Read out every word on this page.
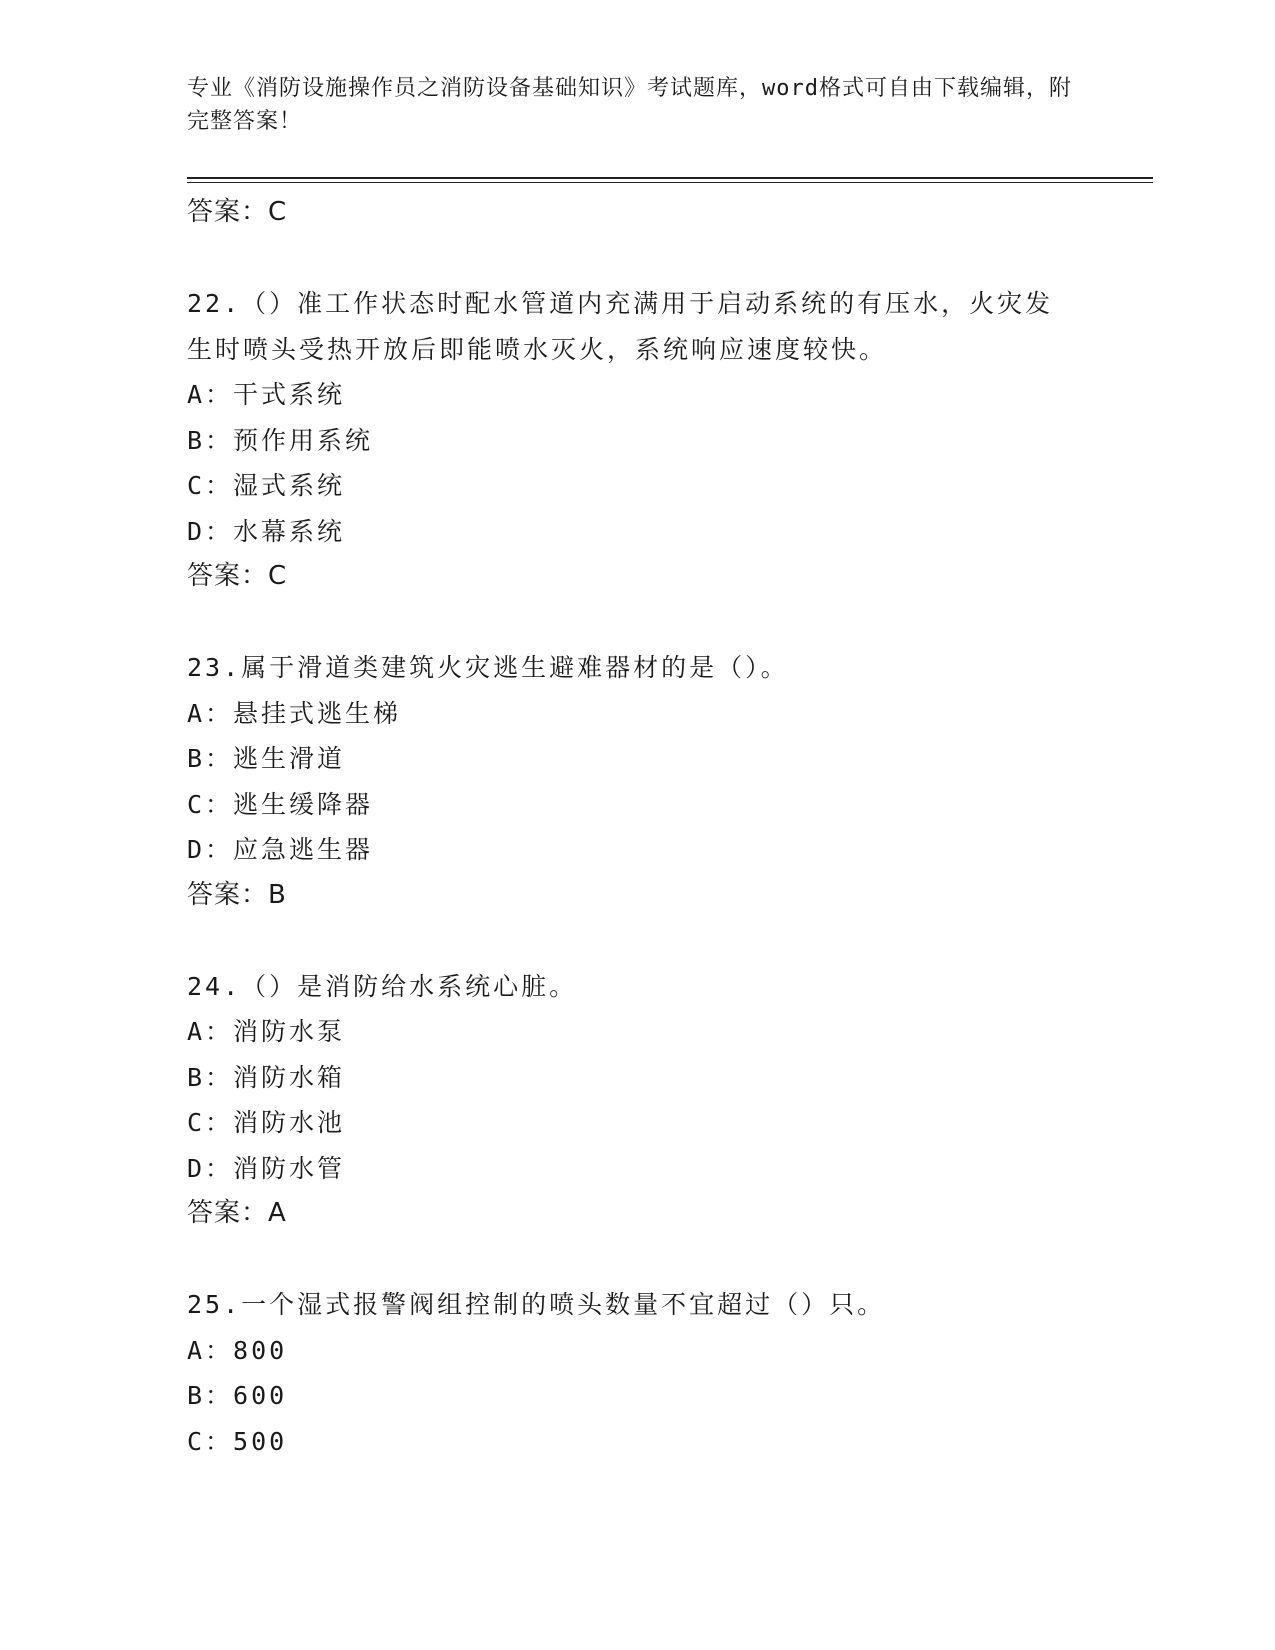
专业《消防设施操作员之消防设备基础知识》考试题库，word格式可自由下载编辑，附完整答案！
答案：C
22.（）准工作状态时配水管道内充满用于启动系统的有压水，火灾发
生时喷头受热开放后即能喷水灭火，系统响应速度较快。
A：干式系统
B：预作用系统
C：湿式系统
D：水幕系统
答案：C
23.属于滑道类建筑火灾逃生避难器材的是（）。
A：悬挂式逃生梯
B：逃生滑道
C：逃生缓降器
D：应急逃生器
答案：B
24.（）是消防给水系统心脏。
A：消防水泵
B：消防水箱
C：消防水池
D：消防水管
答案：A
25.一个湿式报警阀组控制的喷头数量不宜超过（）只。
A：800
B：600
C：500
